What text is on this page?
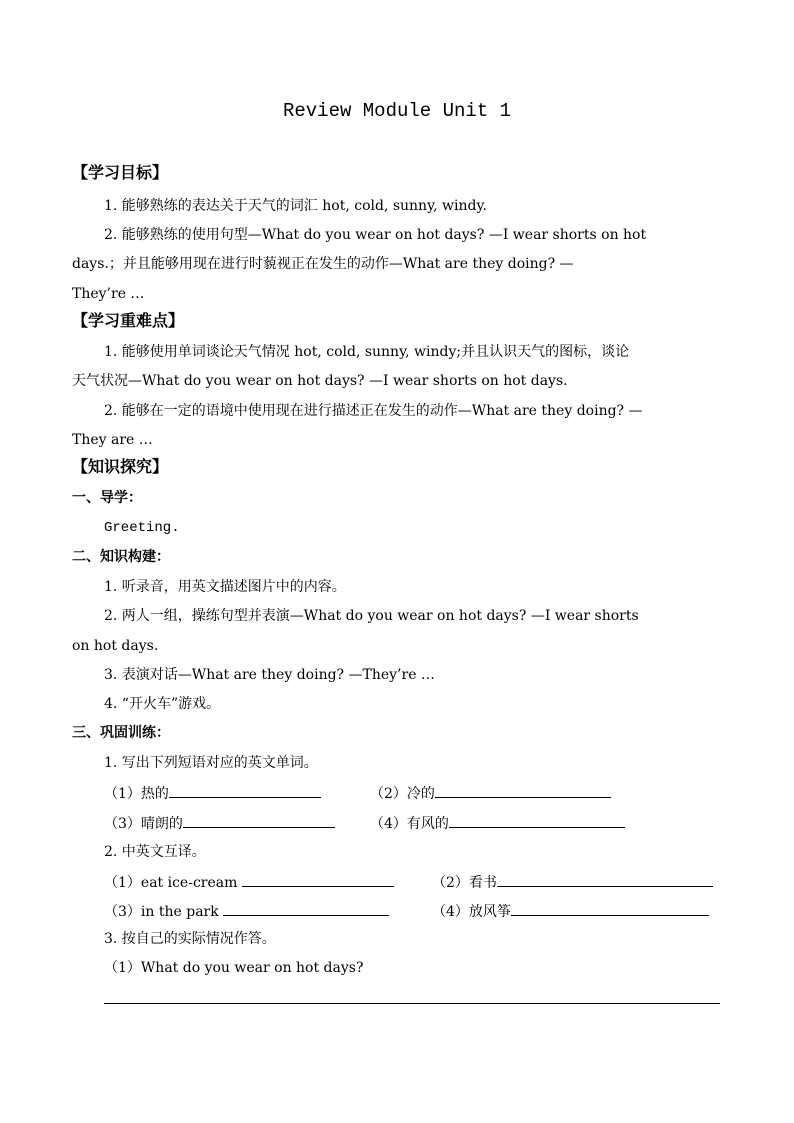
Review Module Unit 1
【学习目标】
1. 能够熟练的表达关于天气的词汇 hot, cold, sunny, windy.
2. 能够熟练的使用句型—What do you wear on hot days? —I wear shorts on hot
days.；并且能够用现在进行时藐视正在发生的动作—What are they doing? —
They’re …
【学习重难点】
1. 能够使用单词谈论天气情况 hot, cold, sunny, windy;并且认识天气的图标，谈论
天气状况—What do you wear on hot days? —I wear shorts on hot days.
2. 能够在一定的语境中使用现在进行描述正在发生的动作—What are they doing? —
They are …
【知识探究】
一、导学：
Greeting.
二、知识构建：
1. 听录音，用英文描述图片中的内容。
2. 两人一组，操练句型并表演—What do you wear on hot days? —I wear shorts
on hot days.
3. 表演对话—What are they doing? —They’re …
4. “开火车”游戏。
三、巩固训练：
1. 写出下列短语对应的英文单词。
（1）热的	（2）冷的
（3）晴朗的	（4）有风的
2. 中英文互译。
（1）eat ice-cream	（2）看书
（3）in the park	（4）放风筝
3. 按自己的实际情况作答。
（1）What do you wear on hot days?
